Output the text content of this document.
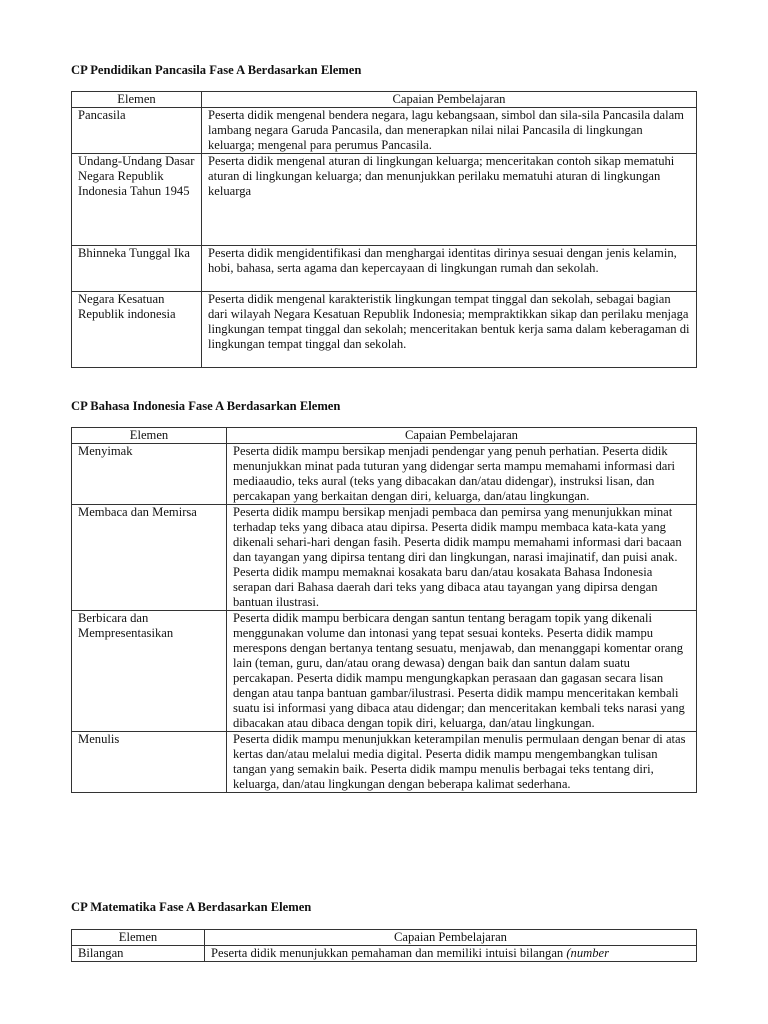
CP Pendidikan Pancasila Fase A Berdasarkan Elemen
Elemen	Capaian Pembelajaran
Pancasila	Peserta didik mengenal bendera negara, lagu kebangsaan, simbol dan sila-sila Pancasila dalam lambang negara Garuda Pancasila, dan menerapkan nilai nilai Pancasila di lingkungan keluarga; mengenal para perumus Pancasila.
Undang-Undang Dasar Negara Republik Indonesia Tahun 1945	Peserta didik mengenal aturan di lingkungan keluarga; menceritakan contoh sikap mematuhi aturan di lingkungan keluarga; dan menunjukkan perilaku mematuhi aturan di lingkungan keluarga
Bhinneka Tunggal Ika	Peserta didik mengidentifikasi dan menghargai identitas dirinya sesuai dengan jenis kelamin, hobi, bahasa, serta agama dan kepercayaan di lingkungan rumah dan sekolah.
Negara Kesatuan Republik indonesia	Peserta didik mengenal karakteristik lingkungan tempat tinggal dan sekolah, sebagai bagian dari wilayah Negara Kesatuan Republik Indonesia; mempraktikkan sikap dan perilaku menjaga lingkungan tempat tinggal dan sekolah; menceritakan bentuk kerja sama dalam keberagaman di lingkungan tempat tinggal dan sekolah.
CP Bahasa Indonesia Fase A Berdasarkan Elemen
Elemen	Capaian Pembelajaran
Menyimak	Peserta didik mampu bersikap menjadi pendengar yang penuh perhatian. Peserta didik menunjukkan minat pada tuturan yang didengar serta mampu memahami informasi dari mediaaudio, teks aural (teks yang dibacakan dan/atau didengar), instruksi lisan, dan percakapan yang berkaitan dengan diri, keluarga, dan/atau lingkungan.
Membaca dan Memirsa	Peserta didik mampu bersikap menjadi pembaca dan pemirsa yang menunjukkan minat terhadap teks yang dibaca atau dipirsa. Peserta didik mampu membaca kata-kata yang dikenali sehari-hari dengan fasih. Peserta didik mampu memahami informasi dari bacaan dan tayangan yang dipirsa tentang diri dan lingkungan, narasi imajinatif, dan puisi anak. Peserta didik mampu memaknai kosakata baru dan/atau kosakata Bahasa Indonesia serapan dari Bahasa daerah dari teks yang dibaca atau tayangan yang dipirsa dengan bantuan ilustrasi.
Berbicara dan Mempresentasikan	Peserta didik mampu berbicara dengan santun tentang beragam topik yang dikenali menggunakan volume dan intonasi yang tepat sesuai konteks. Peserta didik mampu merespons dengan bertanya tentang sesuatu, menjawab, dan menanggapi komentar orang lain (teman, guru, dan/atau orang dewasa) dengan baik dan santun dalam suatu percakapan. Peserta didik mampu mengungkapkan perasaan dan gagasan secara lisan dengan atau tanpa bantuan gambar/ilustrasi. Peserta didik mampu menceritakan kembali suatu isi informasi yang dibaca atau didengar; dan menceritakan kembali teks narasi yang dibacakan atau dibaca dengan topik diri, keluarga, dan/atau lingkungan.
Menulis	Peserta didik mampu menunjukkan keterampilan menulis permulaan dengan benar di atas kertas dan/atau melalui media digital. Peserta didik mampu mengembangkan tulisan tangan yang semakin baik. Peserta didik mampu menulis berbagai teks tentang diri, keluarga, dan/atau lingkungan dengan beberapa kalimat sederhana.
CP Matematika Fase A Berdasarkan Elemen
Elemen	Capaian Pembelajaran
Bilangan	Peserta didik menunjukkan pemahaman dan memiliki intuisi bilangan (number
